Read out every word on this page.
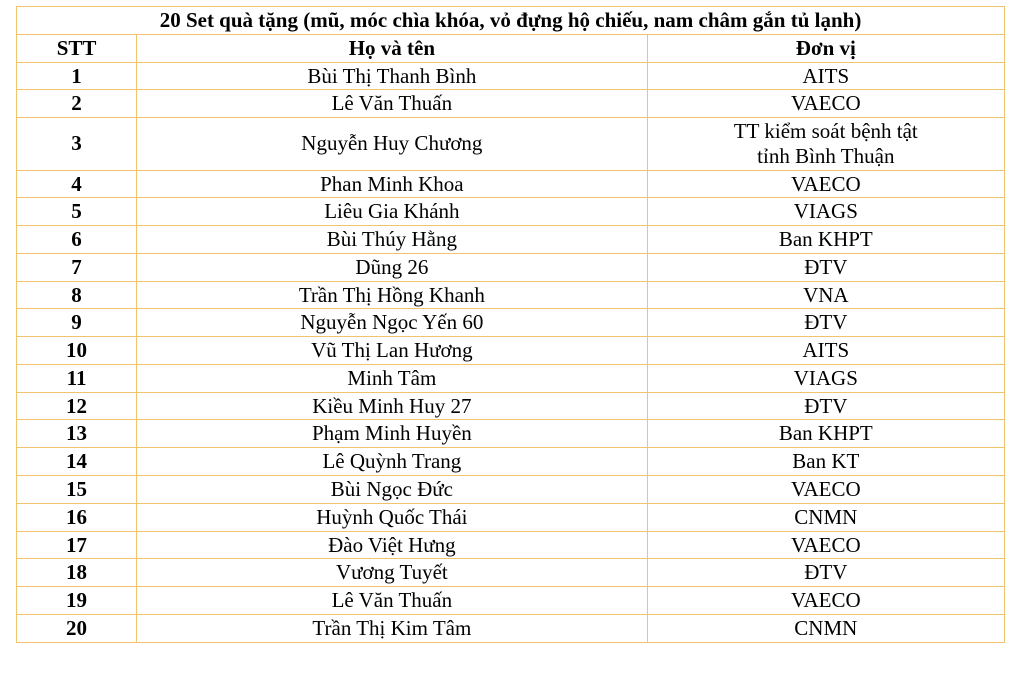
20 Set quà tặng (mũ, móc chìa khóa, vỏ đựng hộ chiếu, nam châm gắn tủ lạnh)		
STT	Họ và tên	Đơn vị
1	Bùi Thị Thanh Bình	AITS
2	Lê Văn Thuấn	VAECO
3	Nguyễn Huy Chương	TT kiểm soát bệnh tật
tỉnh Bình Thuận

4	Phan Minh Khoa	VAECO
5	Liêu Gia Khánh	VIAGS
6	Bùi Thúy Hằng	Ban KHPT
7	Dũng 26	ĐTV
8	Trần Thị Hồng Khanh	VNA
9	Nguyễn Ngọc Yến 60	ĐTV
10	Vũ Thị Lan Hương	AITS
11	Minh Tâm	VIAGS
12	Kiều Minh Huy 27	ĐTV
13	Phạm Minh Huyền	Ban KHPT
14	Lê Quỳnh Trang	Ban KT
15	Bùi Ngọc Đức	VAECO
16	Huỳnh Quốc Thái	CNMN
17	Đào Việt Hưng	VAECO
18	Vương Tuyết	ĐTV
19	Lê Văn Thuấn	VAECO
20	Trần Thị Kim Tâm	CNMN
